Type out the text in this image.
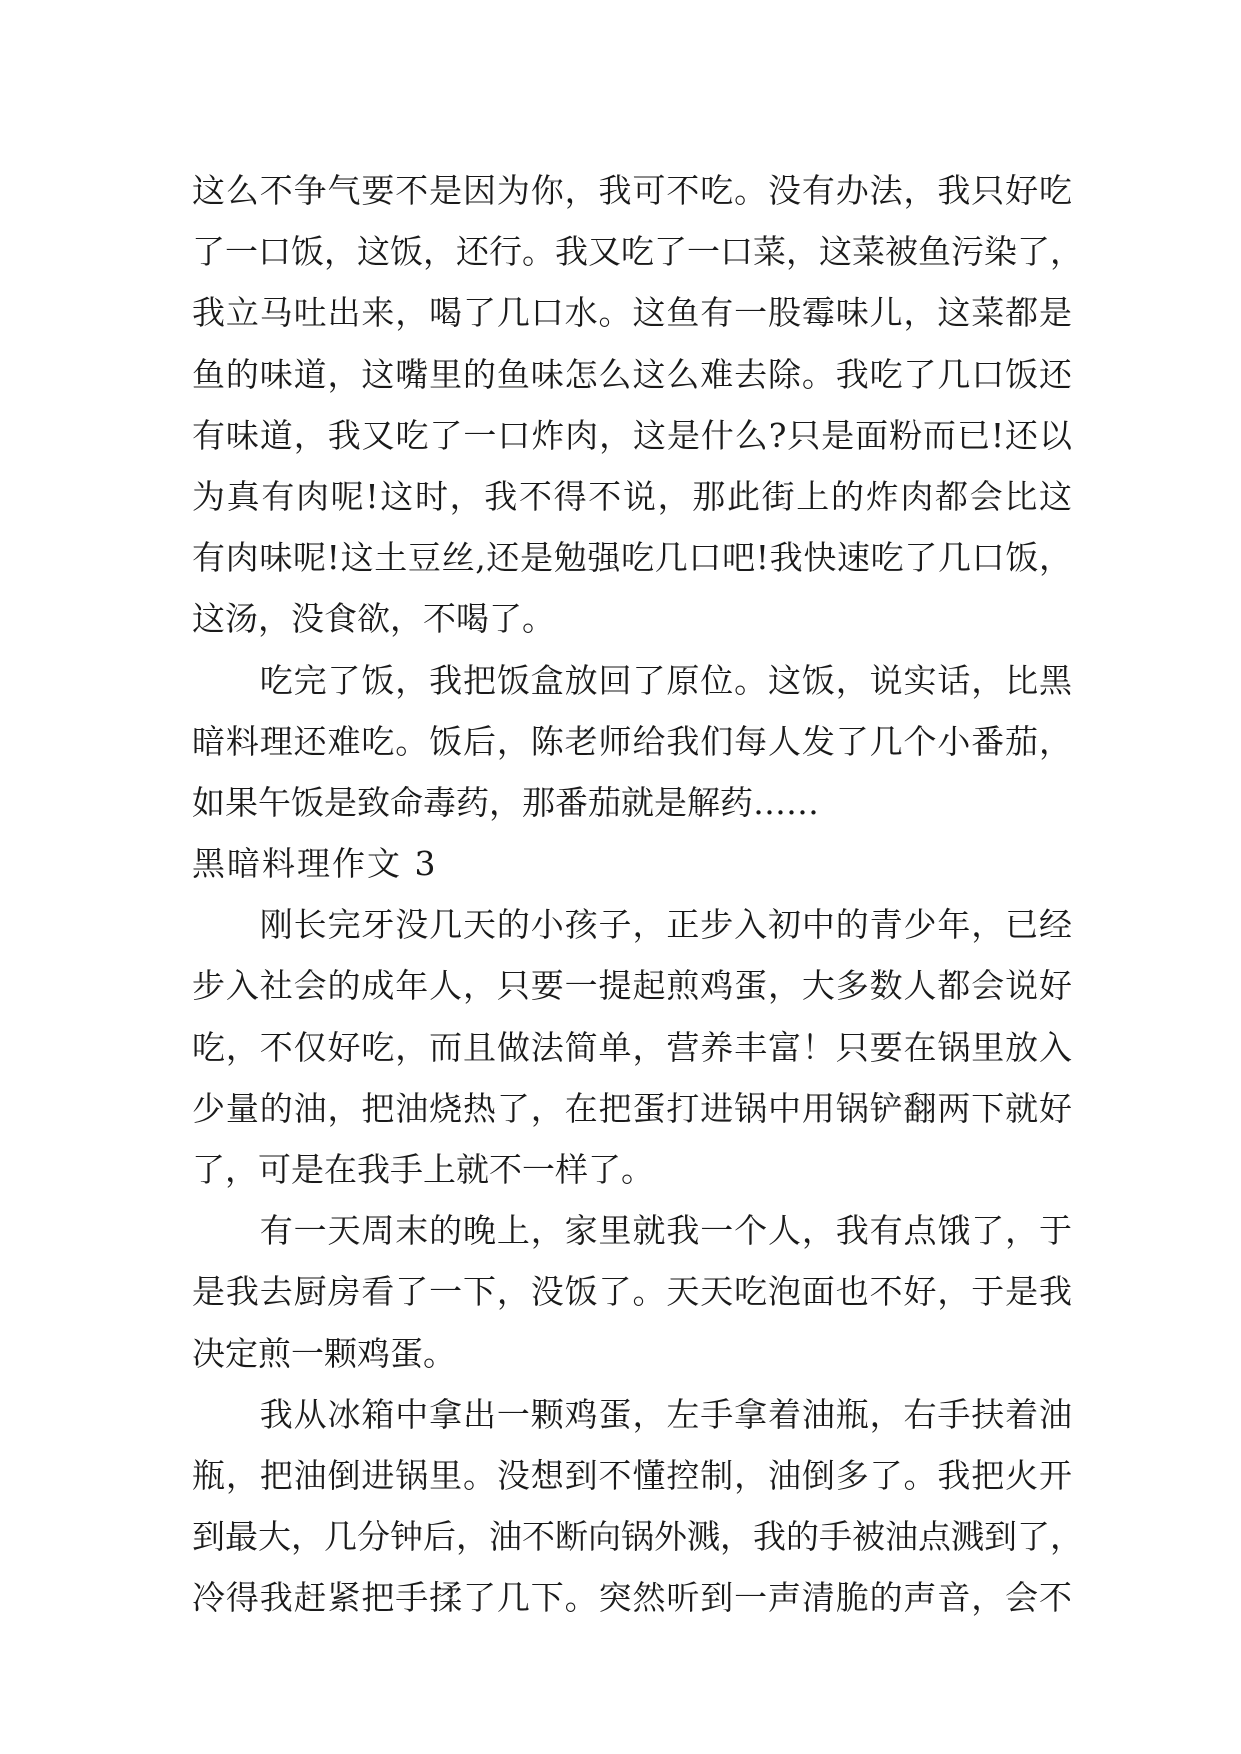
这么不争气要不是因为你，我可不吃。没有办法，我只好吃
了一口饭，这饭，还行。我又吃了一口菜，这菜被鱼污染了，
我立马吐出来，喝了几口水。这鱼有一股霉味儿，这菜都是
鱼的味道，这嘴里的鱼味怎么这么难去除。我吃了几口饭还
有味道，我又吃了一口炸肉，这是什么?只是面粉而已!还以
为真有肉呢!这时，我不得不说，那此街上的炸肉都会比这
有肉味呢!这土豆丝,还是勉强吃几口吧!我快速吃了几口饭，
这汤，没食欲，不喝了。
　　吃完了饭，我把饭盒放回了原位。这饭，说实话，比黑
暗料理还难吃。饭后，陈老师给我们每人发了几个小番茄，
如果午饭是致命毒药，那番茄就是解药……
黑暗料理作文 3
　　刚长完牙没几天的小孩子，正步入初中的青少年，已经
步入社会的成年人，只要一提起煎鸡蛋，大多数人都会说好
吃，不仅好吃，而且做法简单，营养丰富！只要在锅里放入
少量的油，把油烧热了，在把蛋打进锅中用锅铲翻两下就好
了，可是在我手上就不一样了。
　　有一天周末的晚上，家里就我一个人，我有点饿了，于
是我去厨房看了一下，没饭了。天天吃泡面也不好，于是我
决定煎一颗鸡蛋。
　　我从冰箱中拿出一颗鸡蛋，左手拿着油瓶，右手扶着油
瓶，把油倒进锅里。没想到不懂控制，油倒多了。我把火开
到最大，几分钟后，油不断向锅外溅，我的手被油点溅到了，
冷得我赶紧把手揉了几下。突然听到一声清脆的声音，会不
